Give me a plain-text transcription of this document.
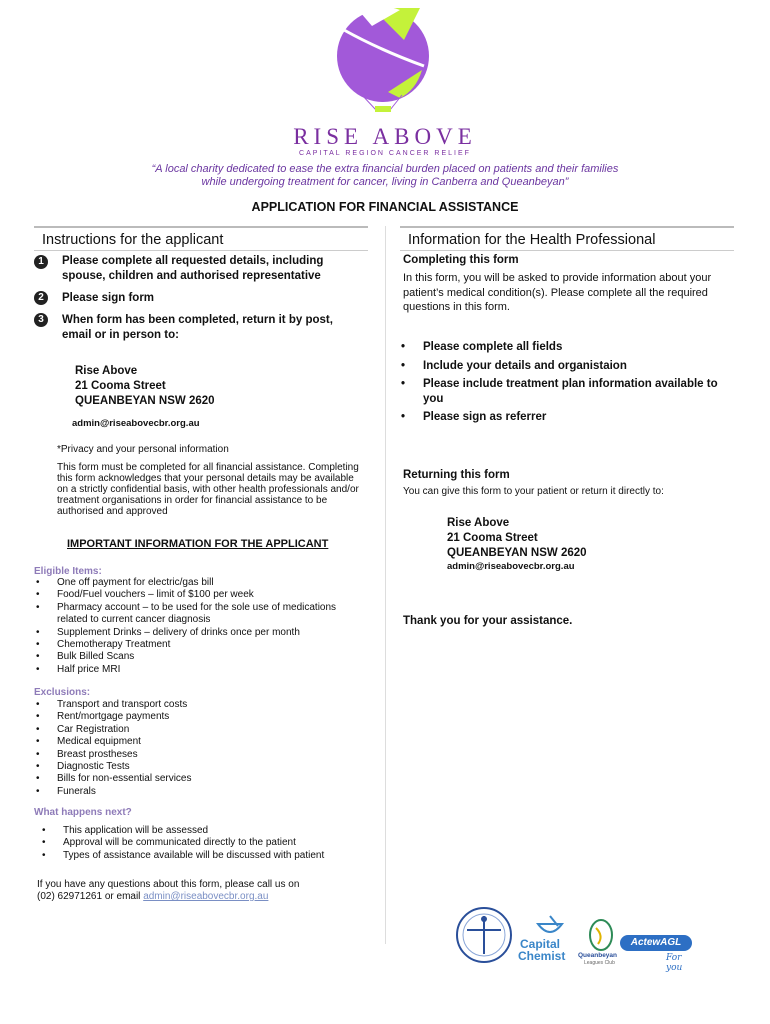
RISE ABOVE
CAPITAL REGION CANCER RELIEF
“A local charity dedicated to ease the extra financial burden placed on patients and their families
while undergoing treatment for cancer, living in Canberra and Queanbeyan”
APPLICATION FOR FINANCIAL ASSISTANCE
Instructions for the applicant
1	Please complete all requested details, including spouse, children and authorised representative
2	Please sign form
3	When form has been completed, return it by post, email or in person to:
Rise Above
21 Cooma Street
QUEANBEYAN NSW 2620
admin@riseabovecbr.org.au
*Privacy and your personal information
This form must be completed for all financial assistance. Completing this form acknowledges that your personal details may be available on a strictly confidential basis, with other health professionals and/or treatment organisations in order for financial assistance to be authorised and approved
IMPORTANT INFORMATION FOR THE APPLICANT
Eligible Items:
• One off payment for electric/gas bill
• Food/Fuel vouchers – limit of $100 per week
• Pharmacy account – to be used for the sole use of medications related to current cancer diagnosis
• Supplement Drinks – delivery of drinks once per month
• Chemotherapy Treatment
• Bulk Billed Scans
• Half price MRI
Exclusions:
• Transport and transport costs
• Rent/mortgage payments
• Car Registration
• Medical equipment
• Breast prostheses
• Diagnostic Tests
• Bills for non-essential services
• Funerals
What happens next?
• This application will be assessed
• Approval will be communicated directly to the patient
• Types of assistance available will be discussed with patient
If you have any questions about this form, please call us on
(02) 62971261 or email admin@riseabovecbr.org.au
Information for the Health Professional
Completing this form
In this form, you will be asked to provide information about your patient’s medical condition(s). Please complete all the required questions in this form.
• Please complete all fields
• Include your details and organistaion
• Please include treatment plan information available to you
• Please sign as referrer
Returning this form
You can give this form to your patient or return it directly to:
Rise Above
21 Cooma Street
QUEANBEYAN NSW 2620
admin@riseabovecbr.org.au
Thank you for your assistance.
Capital
Chemist Queanbeyan
Leagues Club
ActewAGL
For you
